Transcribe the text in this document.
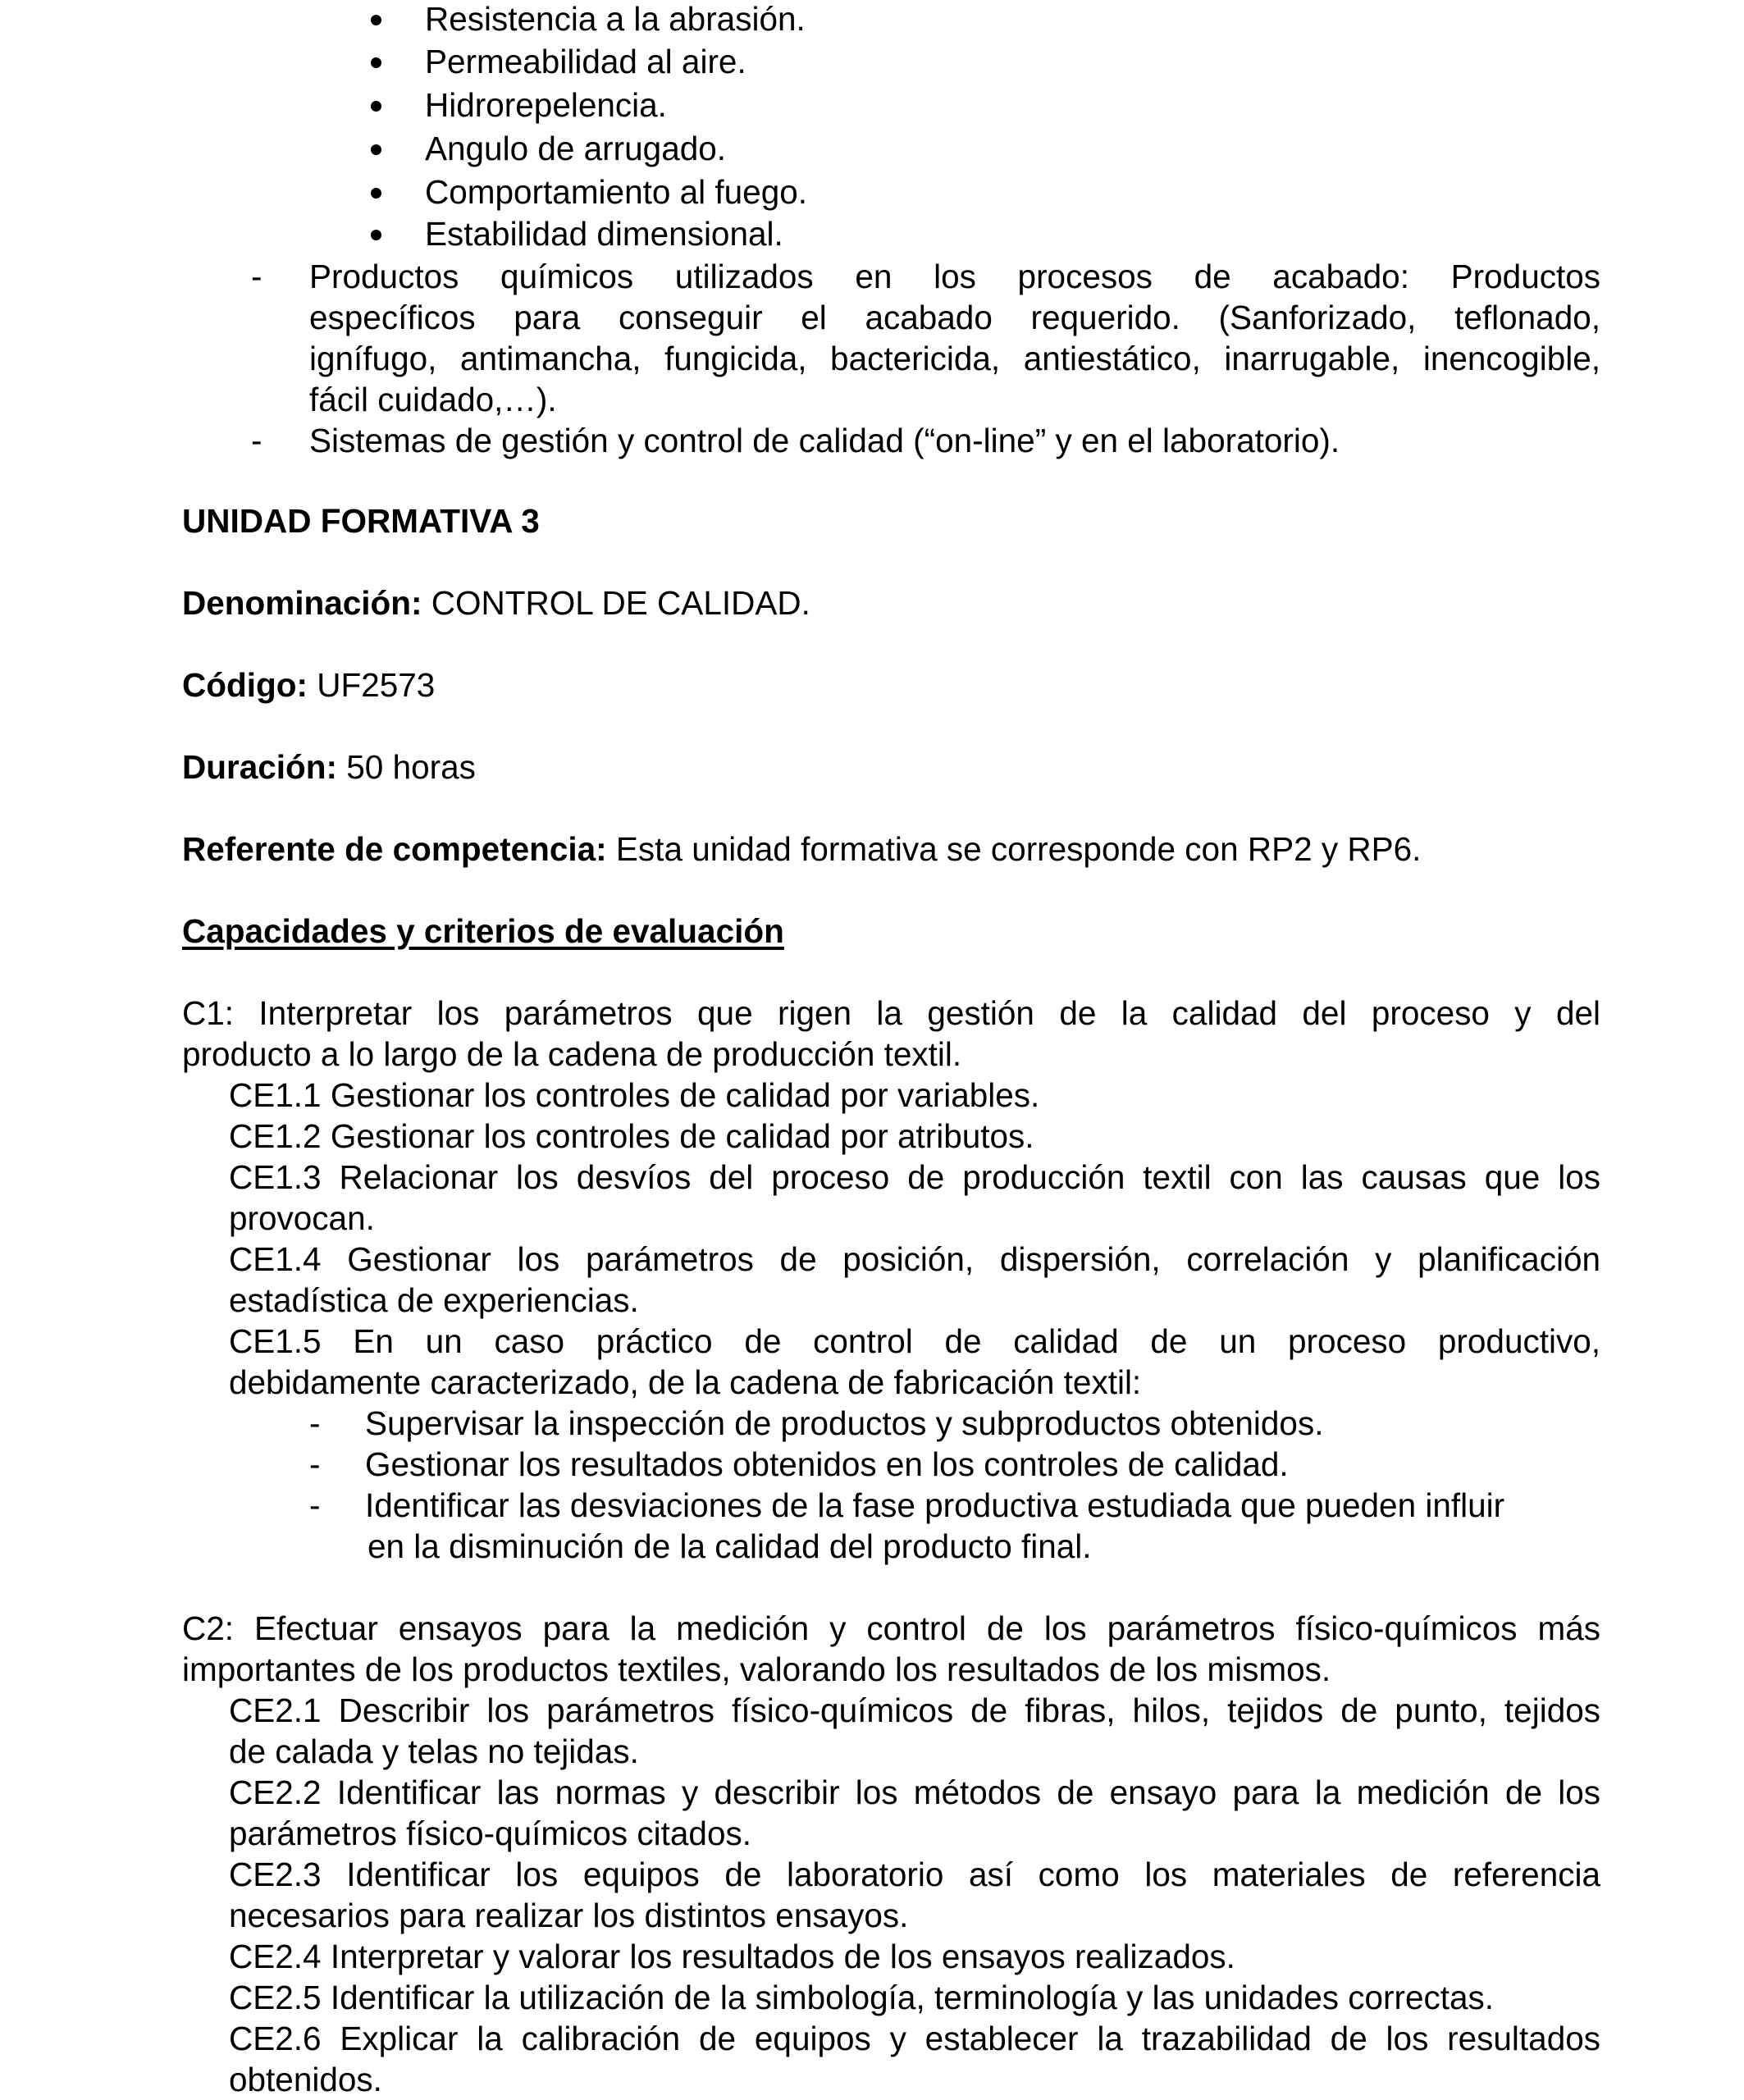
Resistencia a la abrasión.
Permeabilidad al aire.
Hidrorepelencia.
Angulo de arrugado.
Comportamiento al fuego.
Estabilidad dimensional.
- Productos químicos utilizados en los procesos de acabado: Productos
específicos para conseguir el acabado requerido. (Sanforizado, teflonado,
ignífugo, antimancha, fungicida, bactericida, antiestático, inarrugable, inencogible,
fácil cuidado,…).
- Sistemas de gestión y control de calidad (“on-line” y en el laboratorio).
UNIDAD FORMATIVA 3
Denominación: CONTROL DE CALIDAD.
Código: UF2573
Duración: 50 horas
Referente de competencia: Esta unidad formativa se corresponde con RP2 y RP6.
Capacidades y criterios de evaluación
C1: Interpretar los parámetros que rigen la gestión de la calidad del proceso y del
producto a lo largo de la cadena de producción textil.
CE1.1 Gestionar los controles de calidad por variables.
CE1.2 Gestionar los controles de calidad por atributos.
CE1.3 Relacionar los desvíos del proceso de producción textil con las causas que los
provocan.
CE1.4 Gestionar los parámetros de posición, dispersión, correlación y planificación
estadística de experiencias.
CE1.5 En un caso práctico de control de calidad de un proceso productivo,
debidamente caracterizado, de la cadena de fabricación textil:
- Supervisar la inspección de productos y subproductos obtenidos.
- Gestionar los resultados obtenidos en los controles de calidad.
- Identificar las desviaciones de la fase productiva estudiada que pueden influir
en la disminución de la calidad del producto final.
C2: Efectuar ensayos para la medición y control de los parámetros físico-químicos más
importantes de los productos textiles, valorando los resultados de los mismos.
CE2.1 Describir los parámetros físico-químicos de fibras, hilos, tejidos de punto, tejidos
de calada y telas no tejidas.
CE2.2 Identificar las normas y describir los métodos de ensayo para la medición de los
parámetros físico-químicos citados.
CE2.3 Identificar los equipos de laboratorio así como los materiales de referencia
necesarios para realizar los distintos ensayos.
CE2.4 Interpretar y valorar los resultados de los ensayos realizados.
CE2.5 Identificar la utilización de la simbología, terminología y las unidades correctas.
CE2.6 Explicar la calibración de equipos y establecer la trazabilidad de los resultados
obtenidos.
